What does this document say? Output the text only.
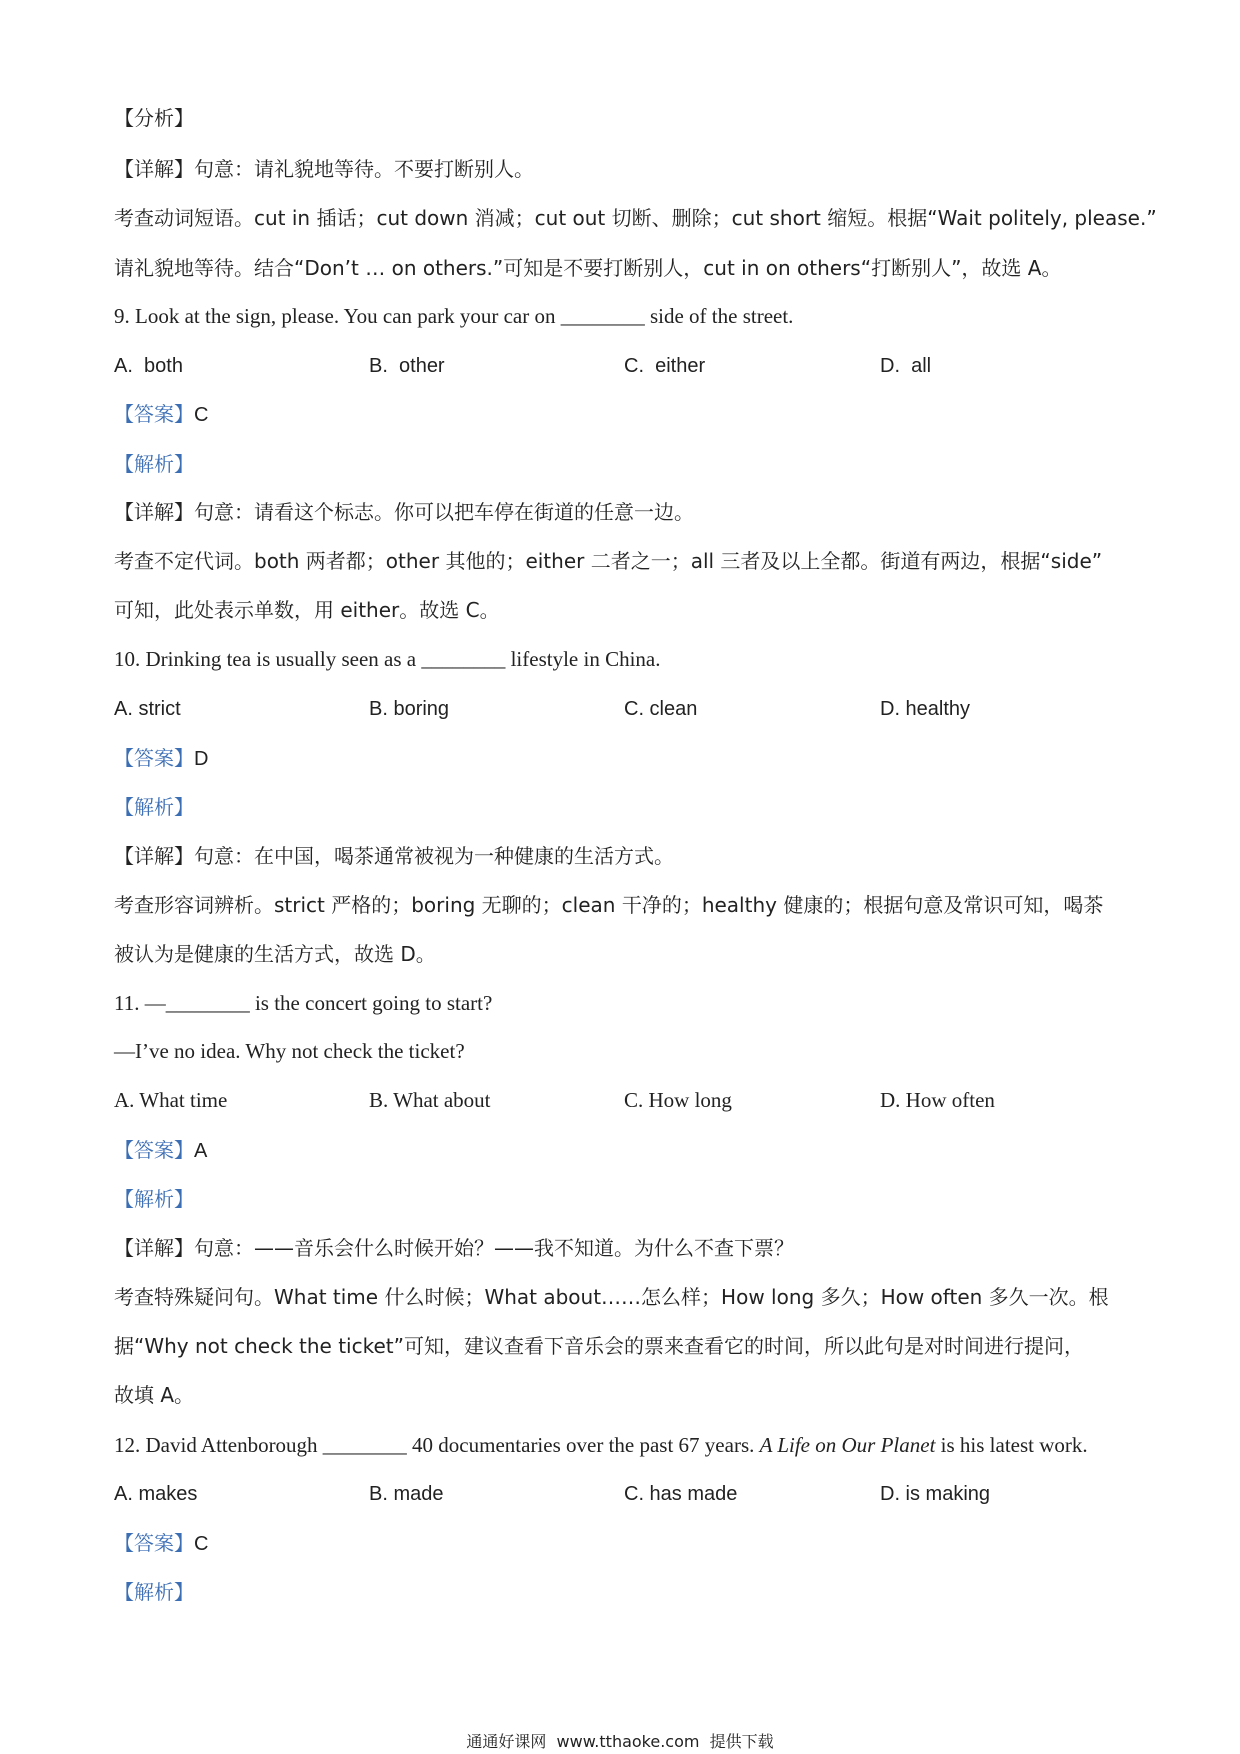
【分析】
【详解】句意：请礼貌地等待。不要打断别人。
考查动词短语。cut in 插话；cut down 消减；cut out 切断、删除；cut short 缩短。根据“Wait politely, please.”
请礼貌地等待。结合“Don’t … on others.”可知是不要打断别人，cut in on others“打断别人”，故选 A。
9. Look at the sign, please. You can park your car on ________ side of the street.

A.  both

	B.  other

	C.  either

	D.  all

【答案】C
【解析】
【详解】句意：请看这个标志。你可以把车停在街道的任意一边。
考查不定代词。both 两者都；other 其他的；either 二者之一；all 三者及以上全都。街道有两边，根据“side”
可知，此处表示单数，用 either。故选 C。
10. Drinking tea is usually seen as a ________ lifestyle in China.

A. strict

	B. boring

	C. clean

	D. healthy

【答案】D
【解析】
【详解】句意：在中国，喝茶通常被视为一种健康的生活方式。
考查形容词辨析。strict 严格的；boring 无聊的；clean 干净的；healthy 健康的；根据句意及常识可知，喝茶
被认为是健康的生活方式，故选 D。
11. —________ is the concert going to start?
—I’ve no idea. Why not check the ticket?

A. What time

	B. What about

	C. How long

	D. How often

【答案】A
【解析】
【详解】句意：——音乐会什么时候开始？——我不知道。为什么不查下票？
考查特殊疑问句。What time 什么时候；What about……怎么样；How long 多久；How often 多久一次。根
据“Why not check the ticket”可知，建议查看下音乐会的票来查看它的时间，所以此句是对时间进行提问，
故填 A。
12. David Attenborough ________ 40 documentaries over the past 67 years. A Life on Our Planet is his latest work.

A. makes

	B. made

	C. has made

	D. is making

【答案】C
【解析】
通通好课网  www.tthaoke.com  提供下载
